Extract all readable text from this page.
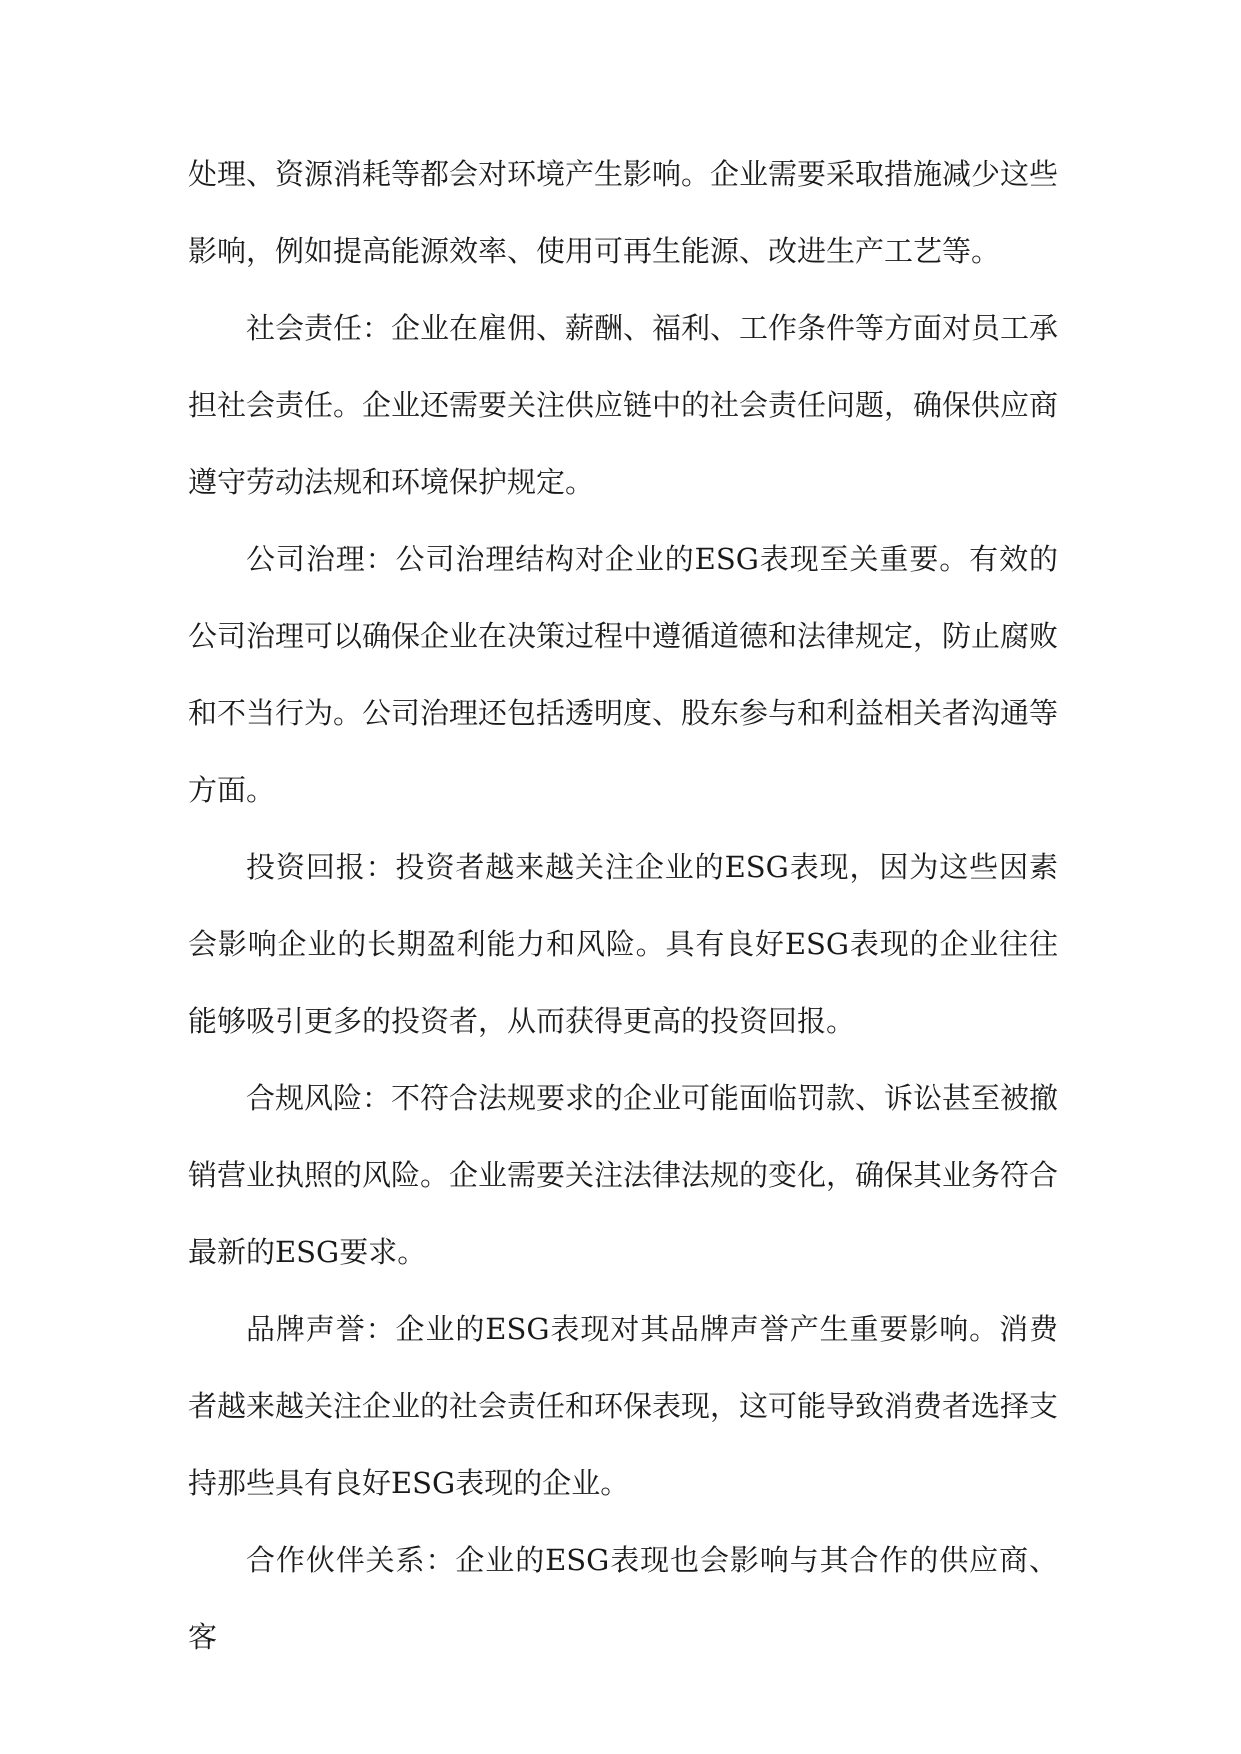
处理、资源消耗等都会对环境产生影响。企业需要采取措施减少这些影响，例如提高能源效率、使用可再生能源、改进生产工艺等。

社会责任：企业在雇佣、薪酬、福利、工作条件等方面对员工承担社会责任。企业还需要关注供应链中的社会责任问题，确保供应商遵守劳动法规和环境保护规定。

公司治理：公司治理结构对企业的ESG表现至关重要。有效的公司治理可以确保企业在决策过程中遵循道德和法律规定，防止腐败和不当行为。公司治理还包括透明度、股东参与和利益相关者沟通等方面。

投资回报：投资者越来越关注企业的ESG表现，因为这些因素会影响企业的长期盈利能力和风险。具有良好ESG表现的企业往往能够吸引更多的投资者，从而获得更高的投资回报。

合规风险：不符合法规要求的企业可能面临罚款、诉讼甚至被撤销营业执照的风险。企业需要关注法律法规的变化，确保其业务符合最新的ESG要求。

品牌声誉：企业的ESG表现对其品牌声誉产生重要影响。消费者越来越关注企业的社会责任和环保表现，这可能导致消费者选择支持那些具有良好ESG表现的企业。

合作伙伴关系：企业的ESG表现也会影响与其合作的供应商、客
